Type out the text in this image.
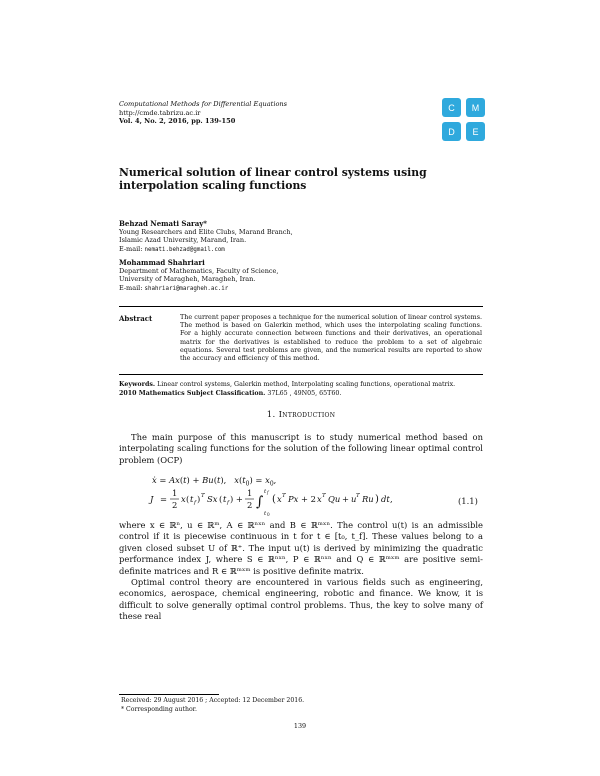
Computational Methods for Differential Equations
http://cmde.tabrizu.ac.ir
Vol. 4, No. 2, 2016, pp. 139-150
C	M
D	E
Numerical solution of linear control systems using interpolation scaling functions
Behzad Nemati Saray*
Young Researchers and Elite Clubs, Marand Branch,
Islamic Azad University, Marand, Iran.
E-mail: nemati.behzad@gmail.com
Mohammad Shahriari
Department of Mathematics, Faculty of Science,
University of Maragheh, Maragheh, Iran.
E-mail: shahriari@maragheh.ac.ir
Abstract	The current paper proposes a technique for the numerical solution of linear control systems. The method is based on Galerkin method, which uses the interpolating scaling functions. For a highly accurate connection between functions and their derivatives, an operational matrix for the derivatives is established to reduce the problem to a set of algebraic equations. Several test problems are given, and the numerical results are reported to show the accuracy and efficiency of this method.
Keywords. Linear control systems, Galerkin method, Interpolating scaling functions, operational matrix.
2010 Mathematics Subject Classification. 37L65 , 49N05, 65T60.
1. Introduction
The main purpose of this manuscript is to study numerical method based on interpolating scaling functions for the solution of the following linear optimal control problem (OCP)
ẋ = Ax(t) + Bu(t),   $x(t_0) = x_0$,
J =
1
2
x ( t f ) T Sx ( t f ) +
1
2 ∫
t f
t 0
( x T Px + 2 x T Qu + u T Ru ) dt ,	(1.1)
where x ∈ ℝⁿ, u ∈ ℝᵐ, A ∈ ℝⁿˣⁿ and B ∈ ℝᵐˣⁿ. The control u(t) is an admissible control if it is piecewise continuous in t for t ∈ [t₀, t_f]. These values belong to a given closed subset U of ℝ⁺. The input u(t) is derived by minimizing the quadratic performance index J, where S ∈ ℝⁿˣⁿ, P ∈ ℝⁿˣⁿ and Q ∈ ℝᵐˣᵐ are positive semi-definite matrices and R ∈ ℝᵐˣᵐ is positive definite matrix.
Optimal control theory are encountered in various fields such as engineering, economics, aerospace, chemical engineering, robotic and finance. We know, it is difficult to solve generally optimal control problems. Thus, the key to solve many of these real
Received: 29 August 2016 ; Accepted: 12 December 2016.
* Corresponding author.
139
